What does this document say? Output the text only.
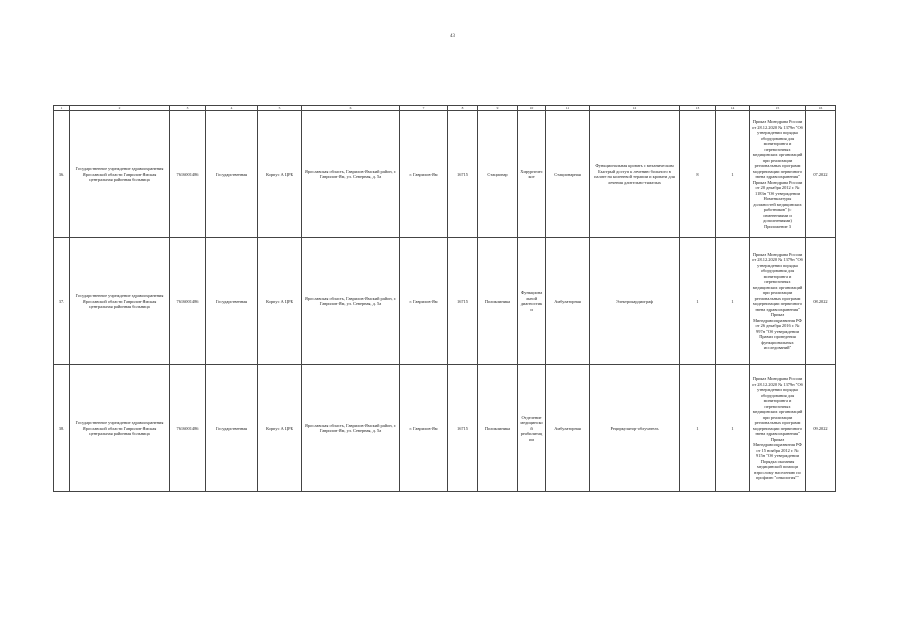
43
1	2	3	4	5	6	7	8	9	10	11	12	13	14	15	16
36.	Государственное учреждение здравоохранения Ярославской области Гаврилов-Ямская центральная районная больница	7616001486	Государственная	Корпус А ЦРБ	Ярославская область, Гаврилов-Ямский район, г. Гаврилов-Ям, ул. Северная, д. 5а	г. Гаврилов-Ям	16715	Стационар	Хирургическое	Стационарная	Функциональная кровать с механическим Быстрый доступ к лечению больного в палате на коленевой терапии и кровати для лечения длительно-тяжелых	8	1	Приказ Минздрава России от 28.12.2020 № 1379н "Об утверждении порядка оборудования для мониторинга и перевозочных медицинских организаций при реализации региональных программ модернизации первичного звена здравоохранения" Приказ Минздрава России от 20 декабря 2012 г. № 1183н "Об утверждении Номенклатуры должностей медицинских работников" (с изменениями и дополнениями) Приложение 3	07.2022
37.	Государственное учреждение здравоохранения Ярославской области Гаврилов-Ямская центральная районная больница	7616001486	Государственная	Корпус А ЦРБ	Ярославская область, Гаврилов-Ямский район, г. Гаврилов-Ям, ул. Северная, д. 5а	г. Гаврилов-Ям	16715	Поликлиника	Функциональной диагностики	Амбулаторная	Электрокардиограф	1	1	Приказ Минздрава России от 28.12.2020 № 1379н "Об утверждении порядка оборудования для мониторинга и перевозочных медицинских организаций при реализации региональных программ модернизации первичного звена здравоохранения" Приказ Минздравсоцразвития РФ от 26 декабря 2016 г. № 997н "Об утверждении Правил проведения функциональных исследований"	08.2022
38.	Государственное учреждение здравоохранения Ярославской области Гаврилов-Ямская центральная районная больница	7616001486	Государственная	Корпус А ЦРБ	Ярославская область, Гаврилов-Ямский район, г. Гаврилов-Ям, ул. Северная, д. 5а	г. Гаврилов-Ям	16715	Поликлиника	Отделение медицинской реабилитации	Амбулаторная	Рециркулятор-облучатель	1	1	Приказ Минздрава России от 28.12.2020 № 1379н "Об утверждении порядка оборудования для мониторинга и перевозочных медицинских организаций при реализации региональных программ модернизации первичного звена здравоохранения" Приказ Минздравсоцразвития РФ от 15 ноября 2012 г. № 915н "Об утверждении Порядка оказания медицинской помощи взрослому населению по профилю "онкология""	09.2022
